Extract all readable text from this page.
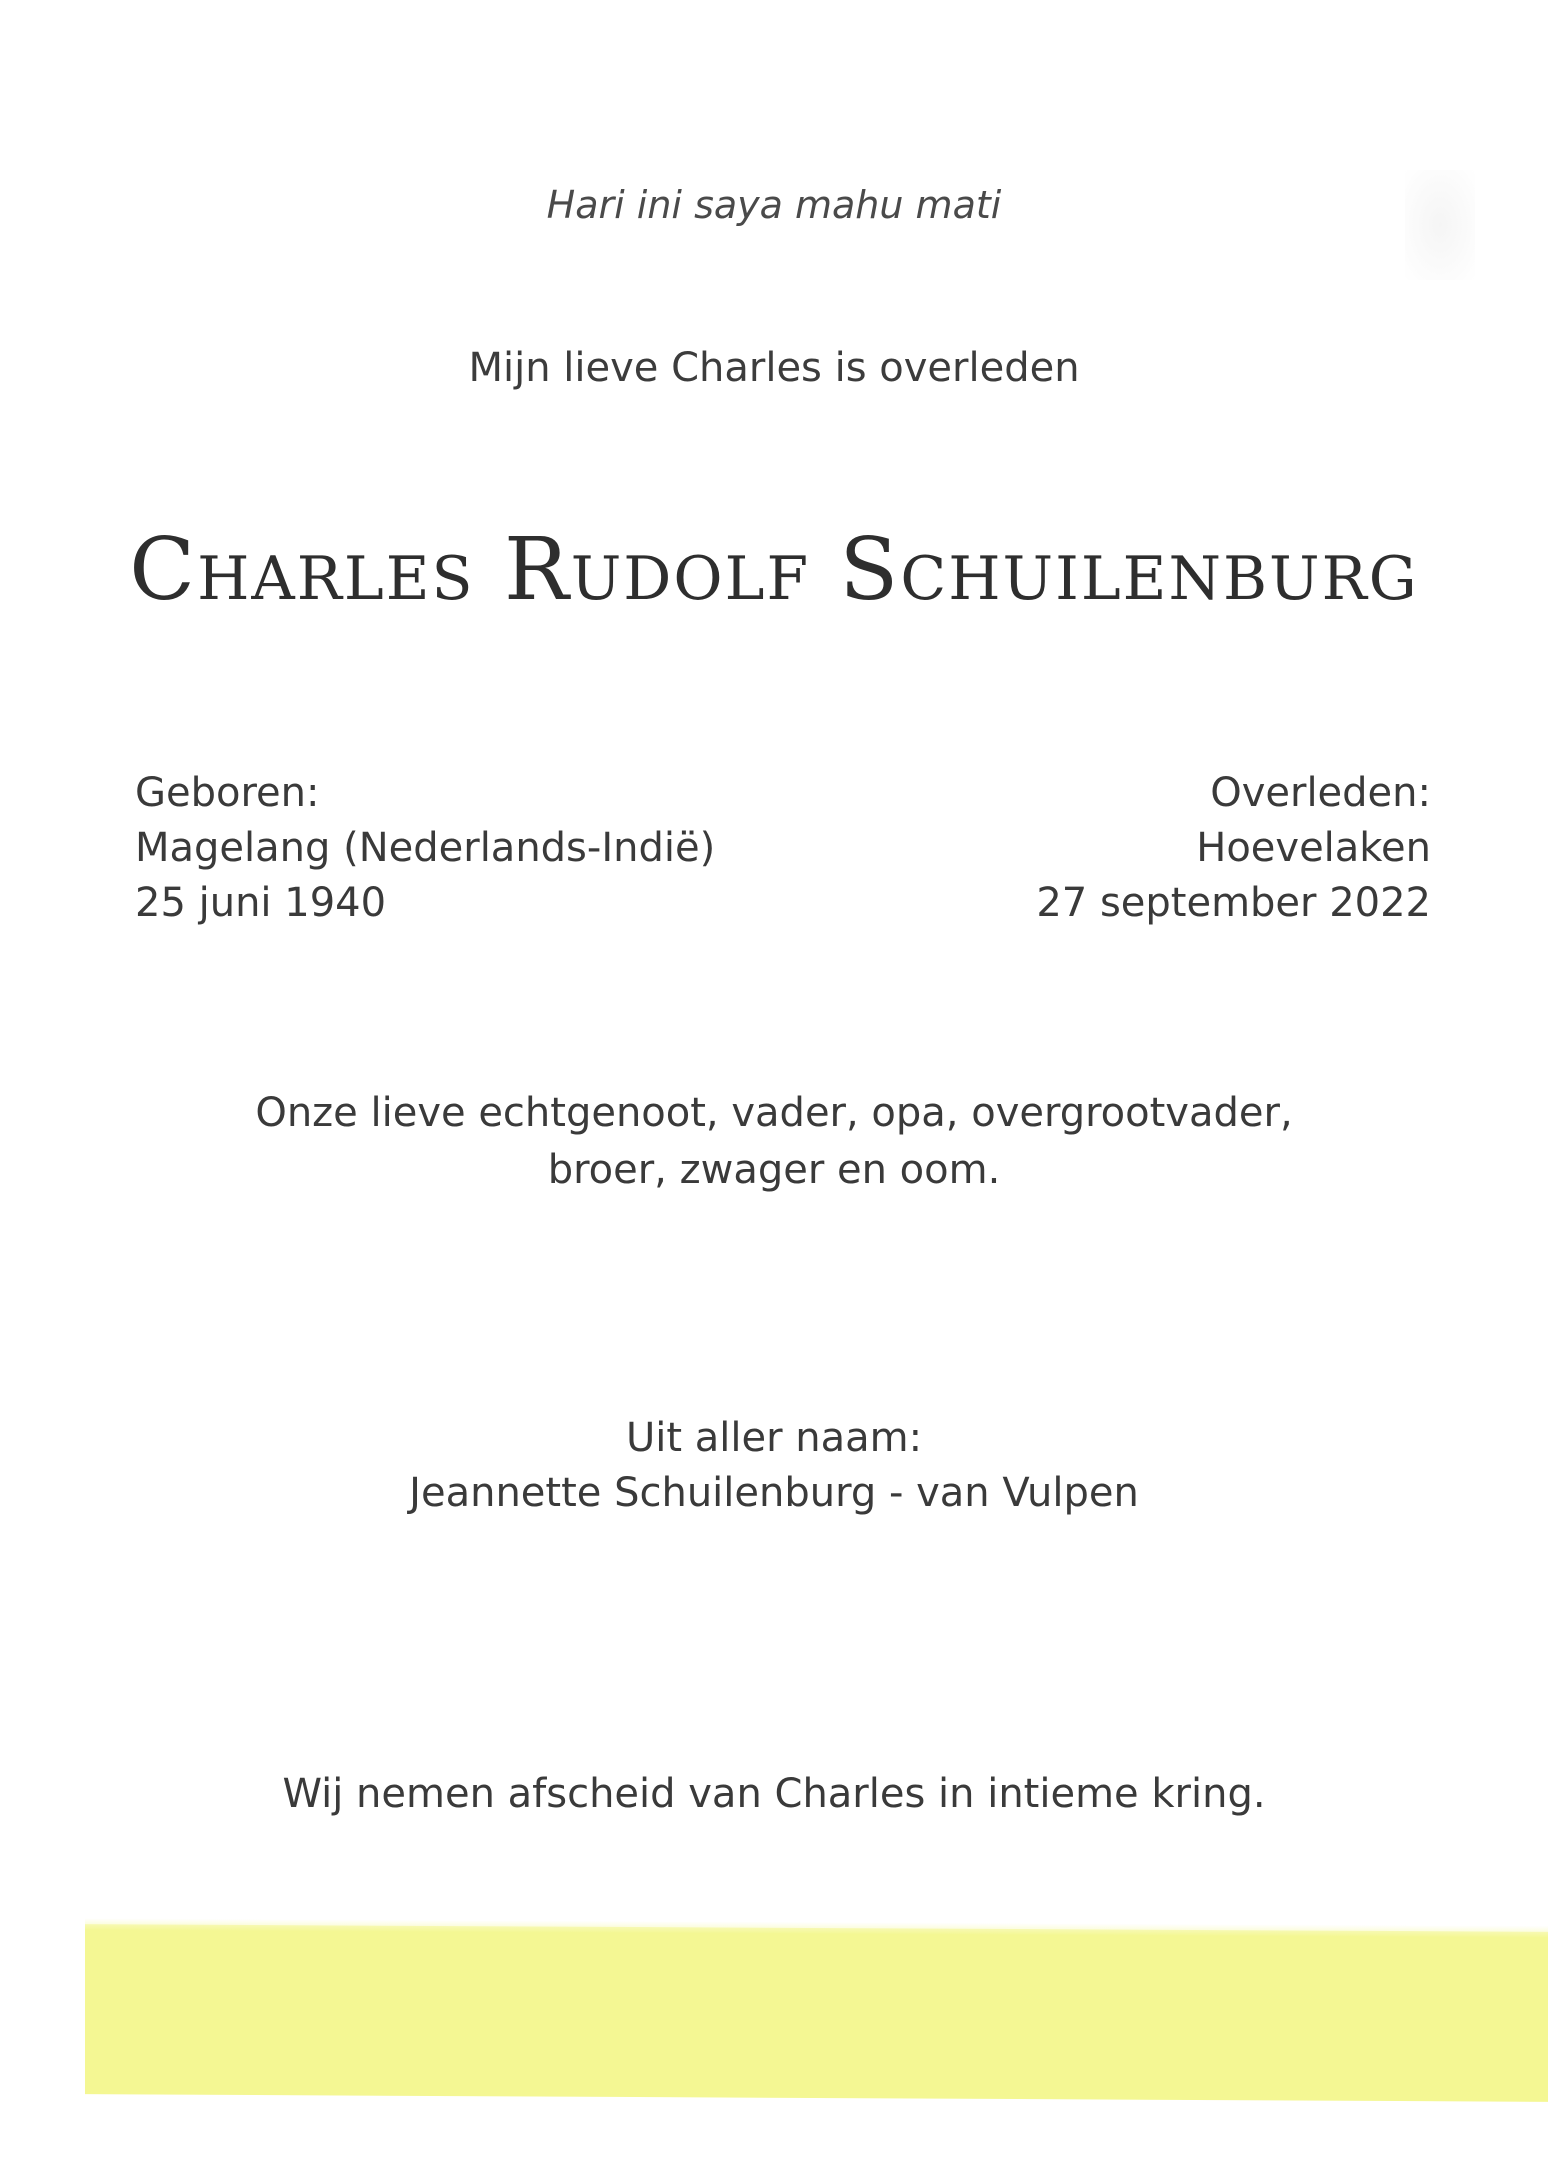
Hari ini saya mahu mati
Mijn lieve Charles is overleden
Charles Rudolf Schuilenburg
Geboren:
Magelang (Nederlands-Indië)
25 juni 1940
Overleden:
Hoevelaken
27 september 2022
Onze lieve echtgenoot, vader, opa, overgrootvader,
broer, zwager en oom.
Uit aller naam:
Jeannette Schuilenburg - van Vulpen
Wij nemen afscheid van Charles in intieme kring.
